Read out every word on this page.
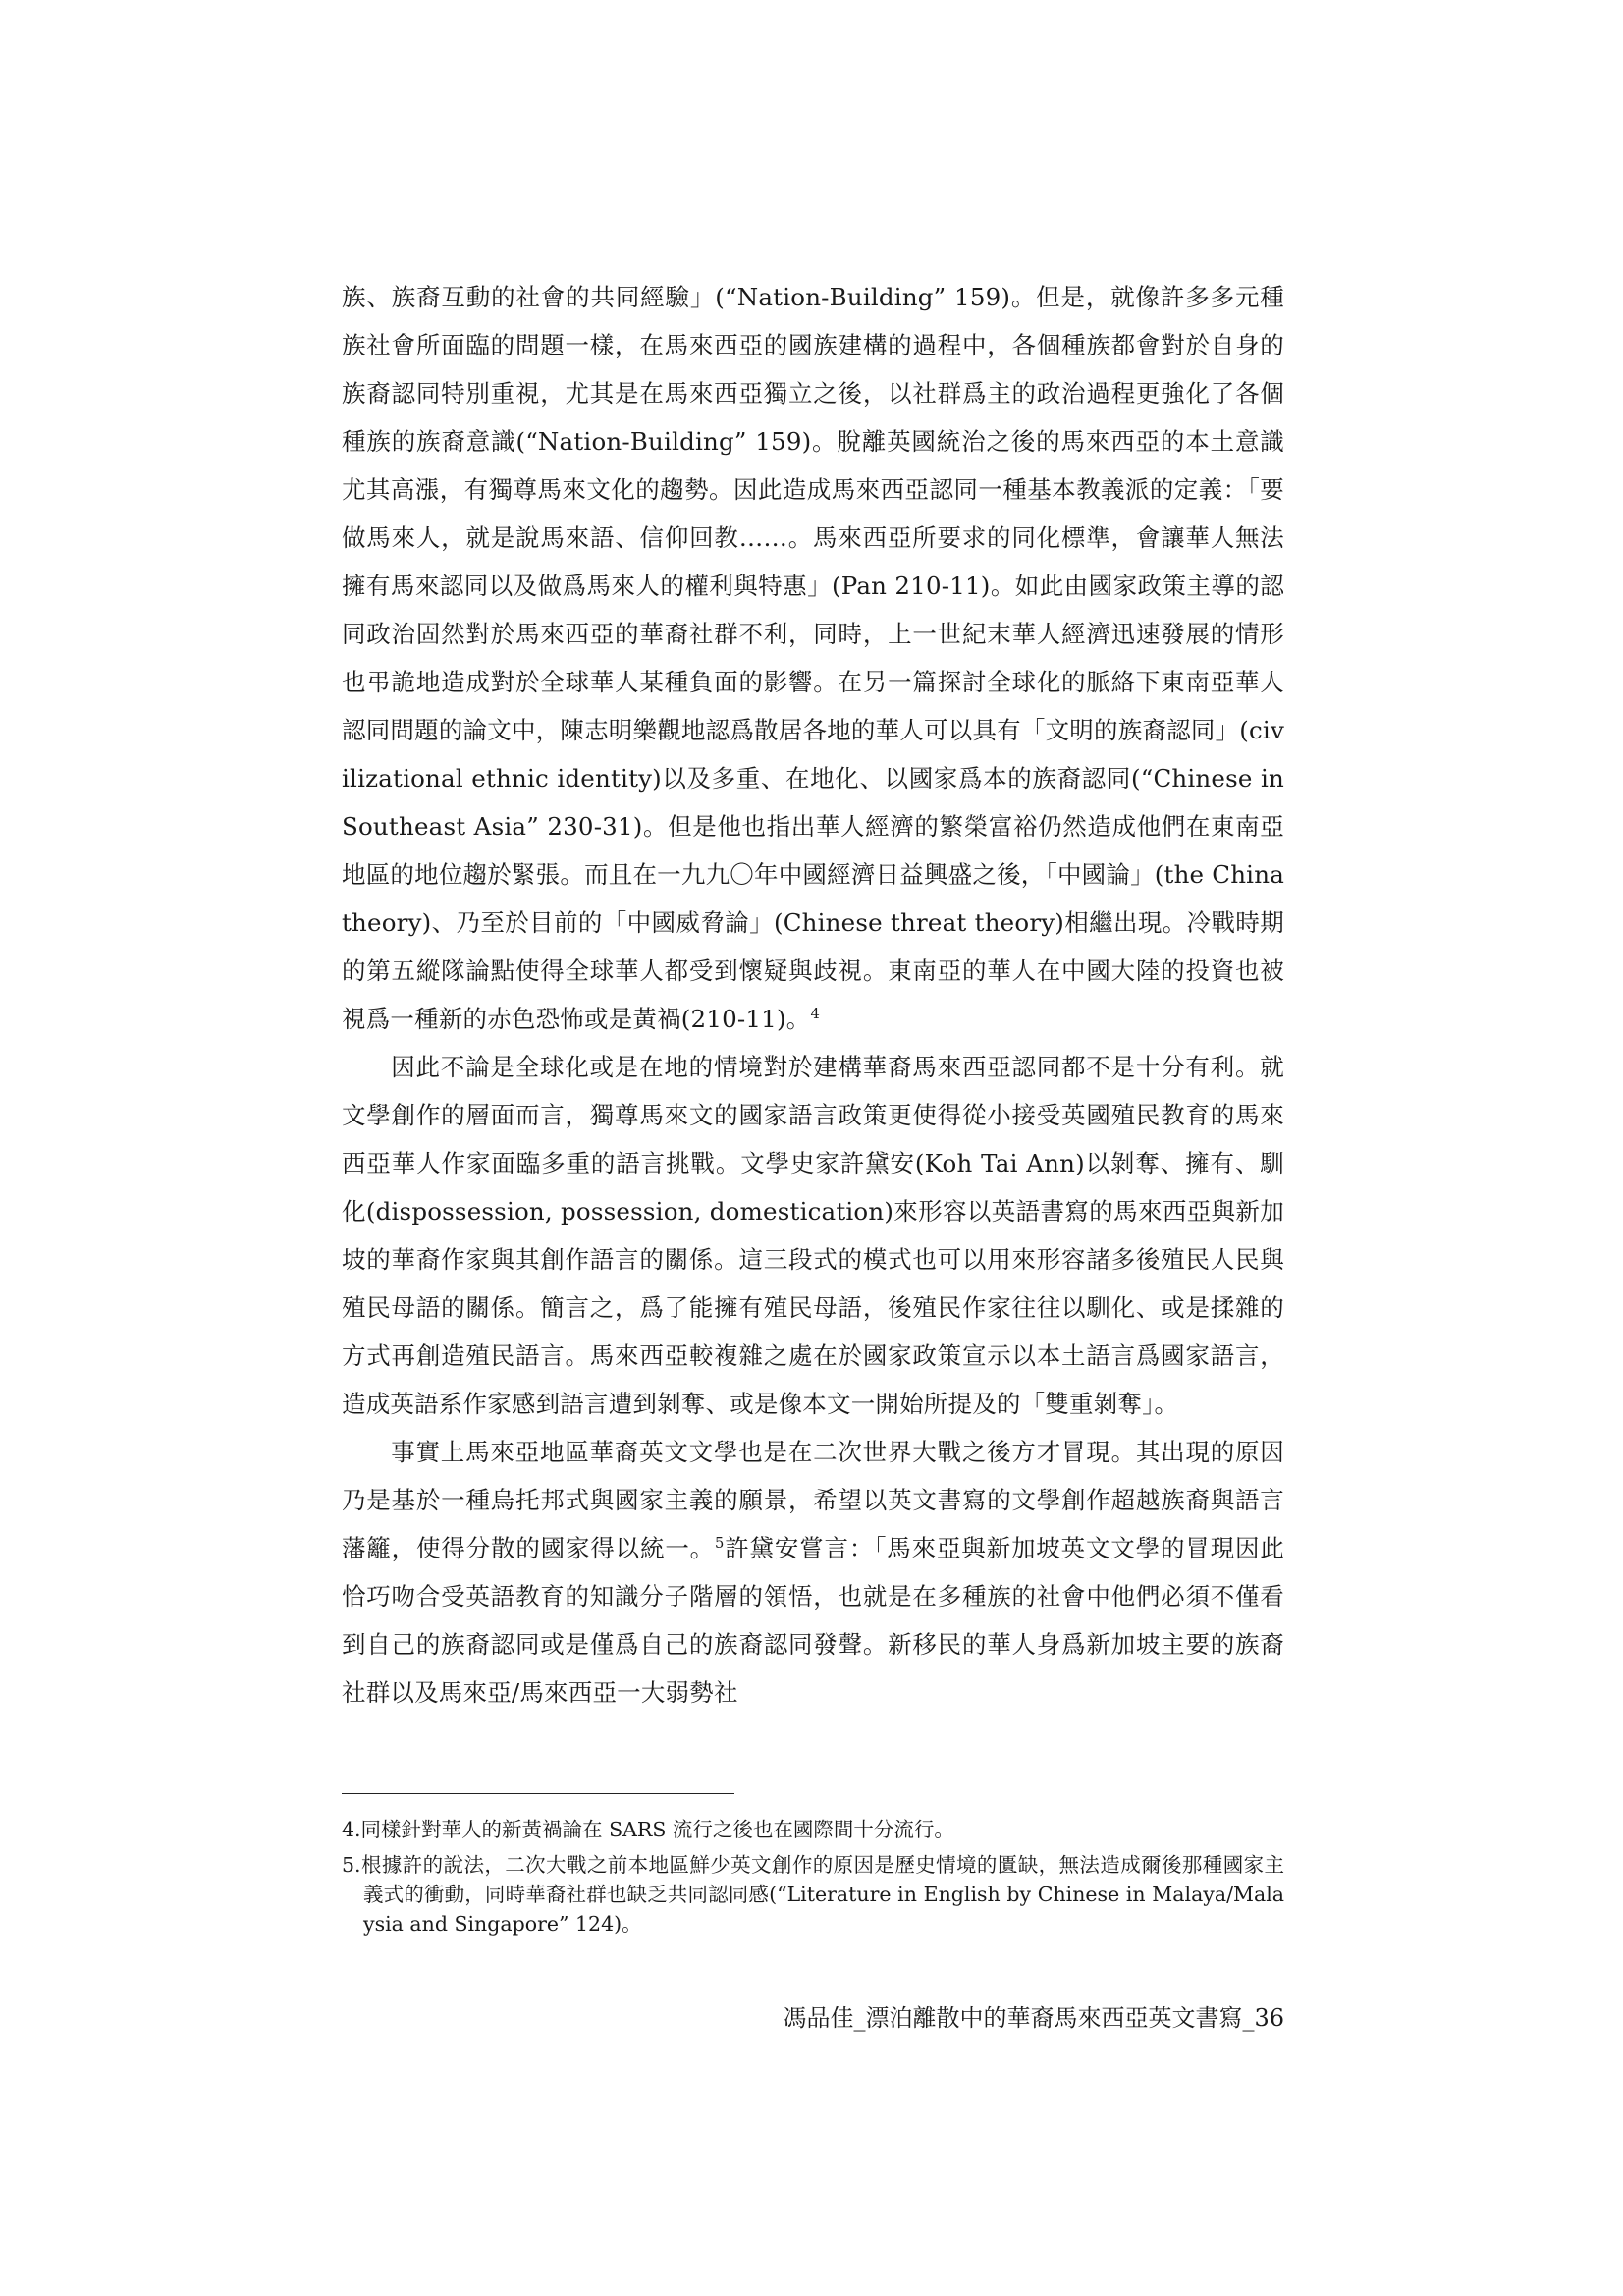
族、族裔互動的社會的共同經驗」(“Nation-Building” 159)。但是，就像許多多元種族社會所面臨的問題一樣，在馬來西亞的國族建構的過程中，各個種族都會對於自身的族裔認同特別重視，尤其是在馬來西亞獨立之後，以社群爲主的政治過程更強化了各個種族的族裔意識(“Nation-Building” 159)。脫離英國統治之後的馬來西亞的本土意識尤其高漲，有獨尊馬來文化的趨勢。因此造成馬來西亞認同一種基本教義派的定義：「要做馬來人，就是說馬來語、信仰回教……。馬來西亞所要求的同化標準，會讓華人無法擁有馬來認同以及做爲馬來人的權利與特惠」(Pan 210-11)。如此由國家政策主導的認同政治固然對於馬來西亞的華裔社群不利，同時，上一世紀末華人經濟迅速發展的情形也弔詭地造成對於全球華人某種負面的影響。在另一篇探討全球化的脈絡下東南亞華人認同問題的論文中，陳志明樂觀地認爲散居各地的華人可以具有「文明的族裔認同」(civilizational ethnic identity)以及多重、在地化、以國家爲本的族裔認同(“Chinese in Southeast Asia” 230-31)。但是他也指出華人經濟的繁榮富裕仍然造成他們在東南亞地區的地位趨於緊張。而且在一九九〇年中國經濟日益興盛之後，「中國論」(the China theory)、乃至於目前的「中國威脅論」(Chinese threat theory)相繼出現。冷戰時期的第五縱隊論點使得全球華人都受到懷疑與歧視。東南亞的華人在中國大陸的投資也被視爲一種新的赤色恐怖或是黃禍(210-11)。$^4$

因此不論是全球化或是在地的情境對於建構華裔馬來西亞認同都不是十分有利。就文學創作的層面而言，獨尊馬來文的國家語言政策更使得從小接受英國殖民教育的馬來西亞華人作家面臨多重的語言挑戰。文學史家許黛安(Koh Tai Ann)以剝奪、擁有、馴化(dispossession, possession, domestication)來形容以英語書寫的馬來西亞與新加坡的華裔作家與其創作語言的關係。這三段式的模式也可以用來形容諸多後殖民人民與殖民母語的關係。簡言之，爲了能擁有殖民母語，後殖民作家往往以馴化、或是揉雜的方式再創造殖民語言。馬來西亞較複雜之處在於國家政策宣示以本土語言爲國家語言，造成英語系作家感到語言遭到剝奪、或是像本文一開始所提及的「雙重剝奪」。

事實上馬來亞地區華裔英文文學也是在二次世界大戰之後方才冒現。其出現的原因乃是基於一種烏托邦式與國家主義的願景，希望以英文書寫的文學創作超越族裔與語言藩籬，使得分散的國家得以統一。$^5$許黛安嘗言：「馬來亞與新加坡英文文學的冒現因此恰巧吻合受英語教育的知識分子階層的領悟，也就是在多種族的社會中他們必須不僅看到自己的族裔認同或是僅爲自己的族裔認同發聲。新移民的華人身爲新加坡主要的族裔社群以及馬來亞/馬來西亞一大弱勢社

4.同樣針對華人的新黃禍論在 SARS 流行之後也在國際間十分流行。

5.根據許的說法，二次大戰之前本地區鮮少英文創作的原因是歷史情境的匱缺，無法造成爾後那種國家主義式的衝動，同時華裔社群也缺乏共同認同感(“Literature in English by Chinese in Malaya/Malaysia and Singapore” 124)。

馮品佳_漂泊離散中的華裔馬來西亞英文書寫_36
